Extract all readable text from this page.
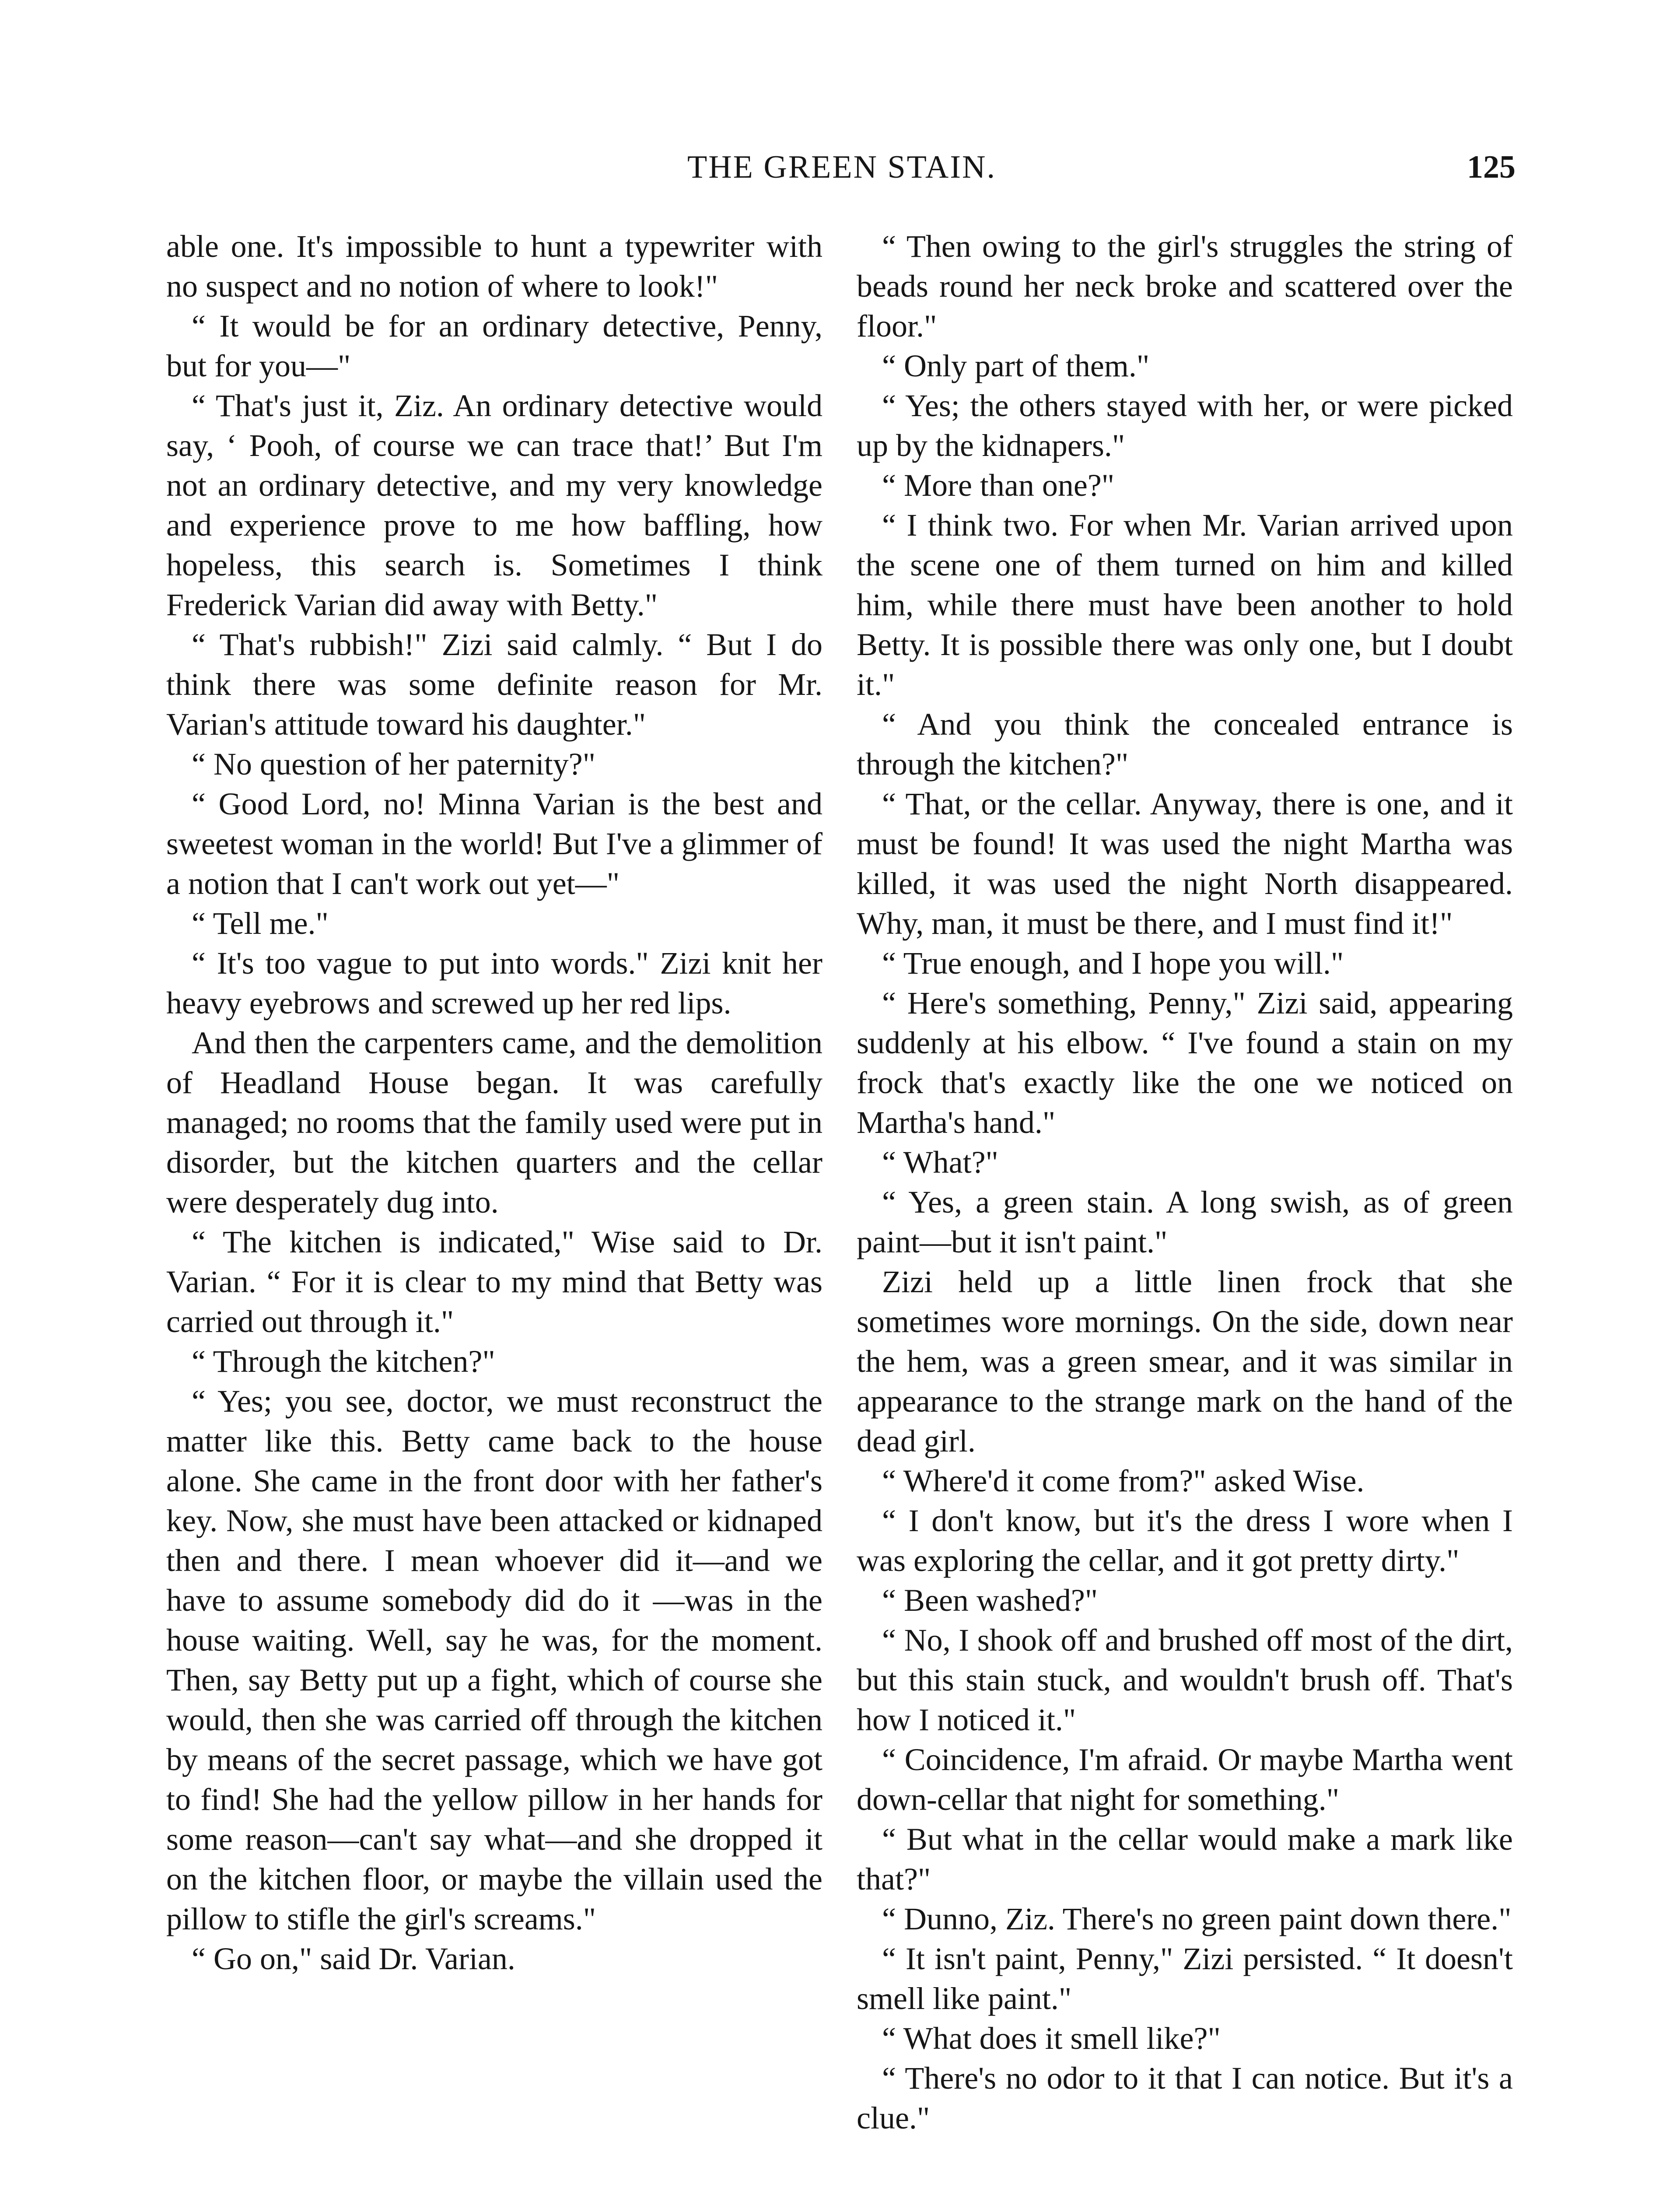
THE GREEN STAIN.	125

able one. It's impossible to hunt a typewriter with no suspect and no notion of where to look!"

“ It would be for an ordinary detective, Penny, but for you—"

“ That's just it, Ziz. An ordinary detective would say, ‘ Pooh, of course we can trace that!’ But I'm not an ordinary detective, and my very knowledge and experience prove to me how baffling, how hopeless, this search is. Sometimes I think Frederick Varian did away with Betty."

“ That's rubbish!" Zizi said calmly. “ But I do think there was some definite reason for Mr. Varian's attitude toward his daughter."

“ No question of her paternity?"

“ Good Lord, no! Minna Varian is the best and sweetest woman in the world! But I've a glimmer of a notion that I can't work out yet—"

“ Tell me."

“ It's too vague to put into words." Zizi knit her heavy eyebrows and screwed up her red lips.

And then the carpenters came, and the demolition of Headland House began. It was carefully managed; no rooms that the family used were put in disorder, but the kitchen quarters and the cellar were desperately dug into.

“ The kitchen is indicated," Wise said to Dr. Varian. “ For it is clear to my mind that Betty was carried out through it."

“ Through the kitchen?"

“ Yes; you see, doctor, we must reconstruct the matter like this. Betty came back to the house alone. She came in the front door with her father's key. Now, she must have been attacked or kidnaped then and there. I mean whoever did it—and we have to assume somebody did do it —was in the house waiting. Well, say he was, for the moment. Then, say Betty put up a fight, which of course she would, then she was carried off through the kitchen by means of the secret passage, which we have got to find! She had the yellow pillow in her hands for some reason—can't say what—and she dropped it on the kitchen floor, or maybe the villain used the pillow to stifle the girl's screams."

“ Go on," said Dr. Varian.

“ Then owing to the girl's struggles the string of beads round her neck broke and scattered over the floor."

“ Only part of them."

“ Yes; the others stayed with her, or were picked up by the kidnapers."

“ More than one?"

“ I think two. For when Mr. Varian arrived upon the scene one of them turned on him and killed him, while there must have been another to hold Betty. It is possible there was only one, but I doubt it."

“ And you think the concealed entrance is through the kitchen?"

“ That, or the cellar. Anyway, there is one, and it must be found! It was used the night Martha was killed, it was used the night North disappeared. Why, man, it must be there, and I must find it!"

“ True enough, and I hope you will."

“ Here's something, Penny," Zizi said, appearing suddenly at his elbow. “ I've found a stain on my frock that's exactly like the one we noticed on Martha's hand."

“ What?"

“ Yes, a green stain. A long swish, as of green paint—but it isn't paint."

Zizi held up a little linen frock that she sometimes wore mornings. On the side, down near the hem, was a green smear, and it was similar in appearance to the strange mark on the hand of the dead girl.

“ Where'd it come from?" asked Wise.

“ I don't know, but it's the dress I wore when I was exploring the cellar, and it got pretty dirty."

“ Been washed?"

“ No, I shook off and brushed off most of the dirt, but this stain stuck, and wouldn't brush off. That's how I noticed it."

“ Coincidence, I'm afraid. Or maybe Martha went down-cellar that night for something."

“ But what in the cellar would make a mark like that?"

“ Dunno, Ziz. There's no green paint down there."

“ It isn't paint, Penny," Zizi persisted. “ It doesn't smell like paint."

“ What does it smell like?"

“ There's no odor to it that I can notice. But it's a clue."
